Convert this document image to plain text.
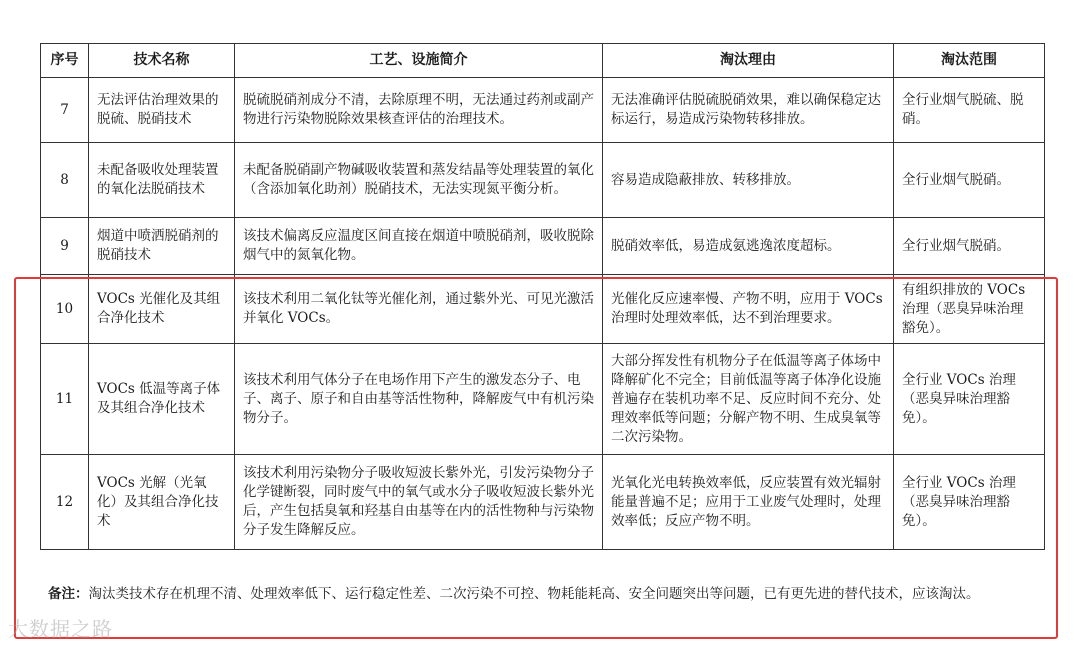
序号	技术名称	工艺、设施简介	淘汰理由	淘汰范围
7	无法评估治理效果的脱硫、脱硝技术	脱硫脱硝剂成分不清，去除原理不明，无法通过药剂或副产物进行污染物脱除效果核查评估的治理技术。	无法准确评估脱硫脱硝效果，难以确保稳定达标运行，易造成污染物转移排放。	全行业烟气脱硫、脱硝。
8	未配备吸收处理装置的氧化法脱硝技术	未配备脱硝副产物碱吸收装置和蒸发结晶等处理装置的氧化（含添加氧化助剂）脱硝技术，无法实现氮平衡分析。	容易造成隐蔽排放、转移排放。	全行业烟气脱硝。
9	烟道中喷洒脱硝剂的脱硝技术	该技术偏离反应温度区间直接在烟道中喷脱硝剂，吸收脱除烟气中的氮氧化物。	脱硝效率低，易造成氨逃逸浓度超标。	全行业烟气脱硝。
10	VOCs 光催化及其组合净化技术	该技术利用二氧化钛等光催化剂，通过紫外光、可见光激活并氧化 VOCs。	光催化反应速率慢、产物不明，应用于 VOCs 治理时处理效率低，达不到治理要求。	有组织排放的 VOCs 治理（恶臭异味治理豁免）。
11	VOCs 低温等离子体及其组合净化技术	该技术利用气体分子在电场作用下产生的激发态分子、电子、离子、原子和自由基等活性物种，降解废气中有机污染物分子。	大部分挥发性有机物分子在低温等离子体场中降解矿化不完全；目前低温等离子体净化设施普遍存在装机功率不足、反应时间不充分、处理效率低等问题；分解产物不明、生成臭氧等二次污染物。	全行业 VOCs 治理（恶臭异味治理豁免）。
12	VOCs 光解（光氧化）及其组合净化技术	该技术利用污染物分子吸收短波长紫外光，引发污染物分子化学键断裂，同时废气中的氧气或水分子吸收短波长紫外光后，产生包括臭氧和羟基自由基等在内的活性物种与污染物分子发生降解反应。	光氧化光电转换效率低，反应装置有效光辐射能量普遍不足；应用于工业废气处理时，处理效率低；反应产物不明。	全行业 VOCs 治理（恶臭异味治理豁免）。
备注：淘汰类技术存在机理不清、处理效率低下、运行稳定性差、二次污染不可控、物耗能耗高、安全问题突出等问题，已有更先进的替代技术，应该淘汰。
大数据之路
